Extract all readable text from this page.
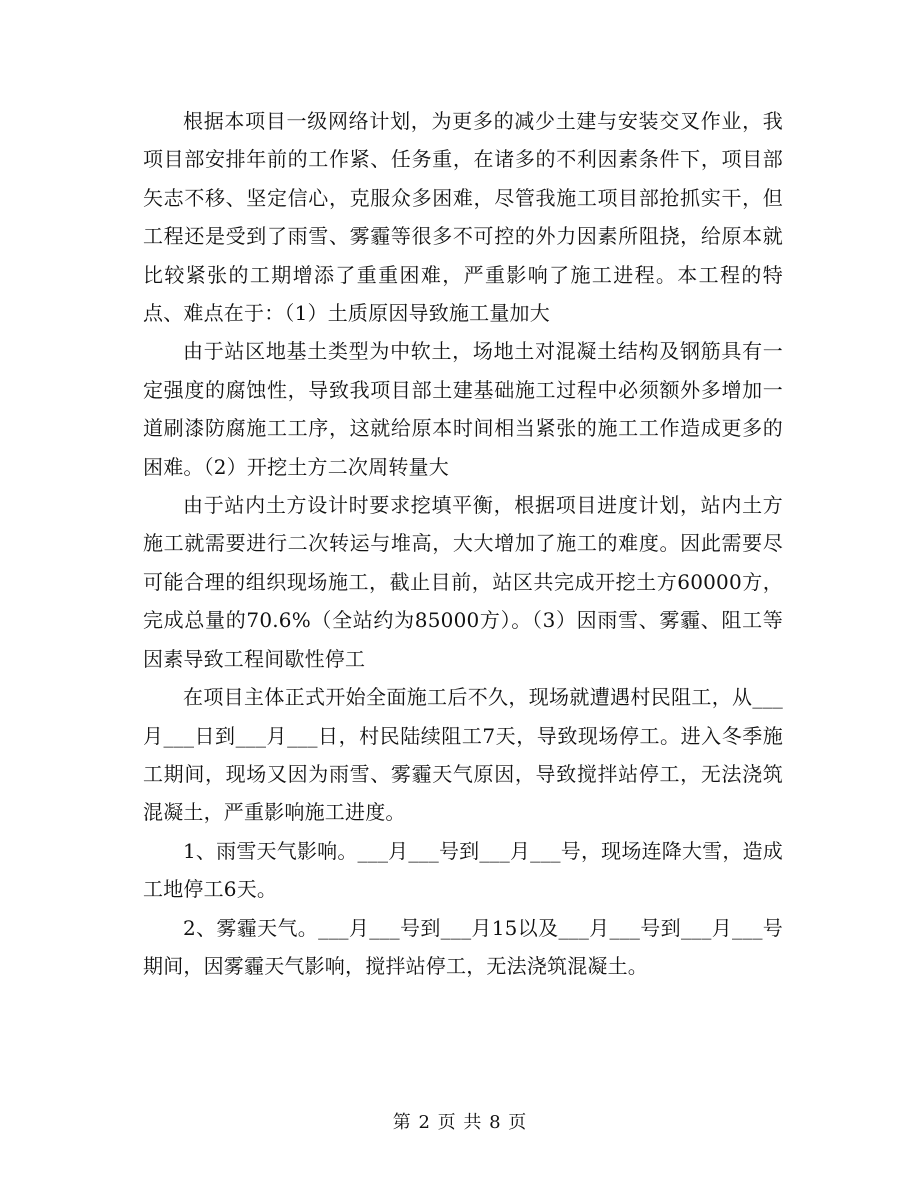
根据本项目一级网络计划，为更多的减少土建与安装交叉作业，我项目部安排年前的工作紧、任务重，在诸多的不利因素条件下，项目部矢志不移、坚定信心，克服众多困难，尽管我施工项目部抢抓实干，但工程还是受到了雨雪、雾霾等很多不可控的外力因素所阻挠，给原本就比较紧张的工期增添了重重困难，严重影响了施工进程。本工程的特点、难点在于：（1）土质原因导致施工量加大

由于站区地基土类型为中软土，场地土对混凝土结构及钢筋具有一定强度的腐蚀性，导致我项目部土建基础施工过程中必须额外多增加一道刷漆防腐施工工序，这就给原本时间相当紧张的施工工作造成更多的困难。（2）开挖土方二次周转量大

由于站内土方设计时要求挖填平衡，根据项目进度计划，站内土方施工就需要进行二次转运与堆高，大大增加了施工的难度。因此需要尽可能合理的组织现场施工，截止目前，站区共完成开挖土方60000方，完成总量的70.6%（全站约为85000方）。（3）因雨雪、雾霾、阻工等因素导致工程间歇性停工

在项目主体正式开始全面施工后不久，现场就遭遇村民阻工，从___月___日到___月___日，村民陆续阻工7天，导致现场停工。进入冬季施工期间，现场又因为雨雪、雾霾天气原因，导致搅拌站停工，无法浇筑混凝土，严重影响施工进度。

1、雨雪天气影响。___月___号到___月___号，现场连降大雪，造成工地停工6天。

2、雾霾天气。___月___号到___月15以及___月___号到___月___号期间，因雾霾天气影响，搅拌站停工，无法浇筑混凝土。

第 2 页 共 8 页
